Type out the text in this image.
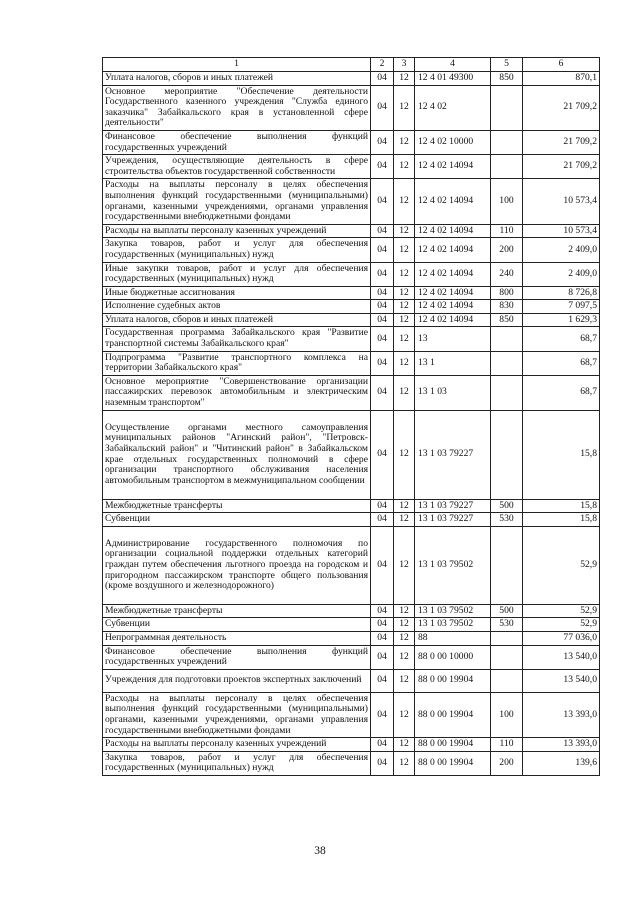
1	2	3	4	5	6
Уплата налогов, сборов и иных платежей	04	12	12 4 01 49300	850	870,1
Основное мероприятие "Обеспечение деятельности Государственного казенного учреждения "Служба единого заказчика" Забайкальского края в установленной сфере деятельности"	04	12	12 4 02		21 709,2
Финансовое обеспечение выполнения функций государственных учреждений	04	12	12 4 02 10000		21 709,2
Учреждения, осуществляющие деятельность в сфере строительства объектов государственной собственности	04	12	12 4 02 14094		21 709,2
Расходы на выплаты персоналу в целях обеспечения выполнения функций государственными (муниципальными) органами, казенными учреждениями, органами управления государственными внебюджетными фондами	04	12	12 4 02 14094	100	10 573,4
Расходы на выплаты персоналу казенных учреждений	04	12	12 4 02 14094	110	10 573,4
Закупка товаров, работ и услуг для обеспечения государственных (муниципальных) нужд	04	12	12 4 02 14094	200	2 409,0
Иные закупки товаров, работ и услуг для обеспечения государственных (муниципальных) нужд	04	12	12 4 02 14094	240	2 409,0
Иные бюджетные ассигнования	04	12	12 4 02 14094	800	8 726,8
Исполнение судебных актов	04	12	12 4 02 14094	830	7 097,5
Уплата налогов, сборов и иных платежей	04	12	12 4 02 14094	850	1 629,3
Государственная программа Забайкальского края "Развитие транспортной системы Забайкальского края"	04	12	13		68,7
Подпрограмма "Развитие транспортного комплекса на территории Забайкальского края"	04	12	13 1		68,7
Основное мероприятие "Совершенствование организации пассажирских перевозок автомобильным и электрическим наземным транспортом"	04	12	13 1 03		68,7
Осуществление органами местного самоуправления муниципальных районов "Агинский район", "Петровск-Забайкальский район" и "Читинский район" в Забайкальском крае отдельных государственных полномочий в сфере организации транспортного обслуживания населения автомобильным транспортом в межмуниципальном сообщении	04	12	13 1 03 79227		15,8
Межбюджетные трансферты	04	12	13 1 03 79227	500	15,8
Субвенции	04	12	13 1 03 79227	530	15,8
Администрирование государственного полномочия по организации социальной поддержки отдельных категорий граждан путем обеспечения льготного проезда на городском и пригородном пассажирском транспорте общего пользования (кроме воздушного и железнодорожного)	04	12	13 1 03 79502		52,9
Межбюджетные трансферты	04	12	13 1 03 79502	500	52,9
Субвенции	04	12	13 1 03 79502	530	52,9
Непрограммная деятельность	04	12	88		77 036,0
Финансовое обеспечение выполнения функций государственных учреждений	04	12	88 0 00 10000		13 540,0
Учреждения для подготовки проектов экспертных заключений	04	12	88 0 00 19904		13 540,0
Расходы на выплаты персоналу в целях обеспечения выполнения функций государственными (муниципальными) органами, казенными учреждениями, органами управления государственными внебюджетными фондами	04	12	88 0 00 19904	100	13 393,0
Расходы на выплаты персоналу казенных учреждений	04	12	88 0 00 19904	110	13 393,0
Закупка товаров, работ и услуг для обеспечения государственных (муниципальных) нужд	04	12	88 0 00 19904	200	139,6
38
